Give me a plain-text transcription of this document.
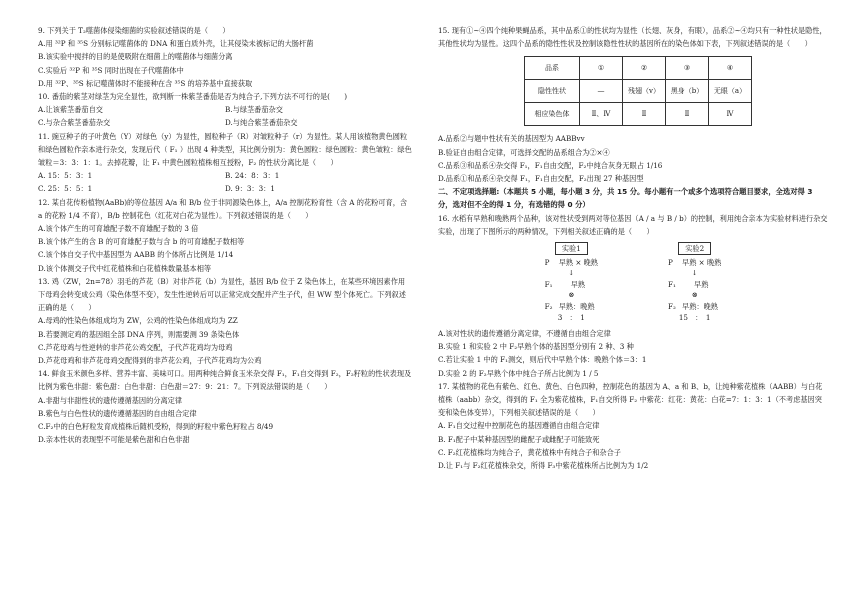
9. 下列关于 T₂噬菌体侵染细菌的实验叙述错误的是（　　）

A.用 ³²P 和 ³⁵S 分别标记噬菌体的 DNA 和蛋白质外壳，让其侵染未被标记的大肠杆菌

B.该实验中搅拌的目的是使吸附在细菌上的噬菌体与细菌分离

C.实验后 ³²P 和 ³⁵S 同时出现在子代噬菌体中

D.用 ³²P、³⁵S 标记噬菌体时不能接种在含 ³⁵S 的培养基中直接获取

10. 番茄的紫茎对绿茎为完全显性，欲判断一株紫茎番茄是否为纯合子,下列方法不可行的是(　　)

A.让该紫茎番茄自交	B.与绿茎番茄杂交
C.与杂合紫茎番茄杂交	D.与纯合紫茎番茄杂交

11. 豌豆种子的子叶黄色（Y）对绿色（y）为显性，圆粒种子（R）对皱粒种子（r）为显性。某人用该植物黄色圆粒和绿色圆粒作亲本进行杂交，发现后代（ F₁ ）出现 4 种类型，其比例分别为：黄色圆粒：绿色圆粒：黄色皱粒：绿色皱粒＝3：3：1：1。去掉花瓣，让 F₁ 中黄色圆粒植株相互授粉，F₂ 的性状分离比是（　　）

A. 15：5：3：1	B. 24：8：3：1
C. 25：5：5：1	D. 9：3：3：1

12. 某自花传粉植物(AaBb)的等位基因 A/a 和 B/b 位于非同源染色体上，A/a 控制花粉育性（含 A 的花粉可育，含 a 的花粉 1/4 不育），B/b 控制花色（红花对白花为显性）。下列叙述错误的是（　　）

A.该个体产生的可育雄配子数不育雄配子数的 3 倍

B.该个体产生的含 B 的可育雄配子数与含 b 的可育雄配子数相等

C.该个体自交子代中基因型为 AABB 的个体所占比例是 1/14

D.该个体测交子代中红花植株和白花植株数量基本相等

13. 鸡（ZW，2n=78）羽毛的芦花（B）对非芦花（b）为显性，基因 B/b 位于 Z 染色体上，在某些环境因素作用下母鸡会转变成公鸡（染色体型不变），发生性逆转后可以正常完成交配并产生子代，但 WW 型个体死亡。下列叙述正确的是（　　）

A.母鸡的性染色体组成均为 ZW，公鸡的性染色体组成均为 ZZ

B.若要测定鸡的基因组全部 DNA 序列，则需要测 39 条染色体

C.芦花母鸡与性逆转的非芦花公鸡交配，子代芦花鸡均为母鸡

D.芦花母鸡和非芦花母鸡交配得到的非芦花公鸡，子代芦花鸡均为公鸡

14. 鲜食玉米颜色多样、营养丰富、美味可口。用两种纯合鲜食玉米杂交得 F₁，F₁自交得到 F₂，F₂籽粒的性状表现及比例为紫色非甜：紫色甜：白色非甜：白色甜＝27：9：21：7。下列说法错误的是（　　）

A.非甜与非甜性状的遗传遵循基因的分离定律

B.紫色与白色性状的遗传遵循基因的自由组合定律

C.F₂中的白色籽粒发育成植株后随机受粉，得到的籽粒中紫色籽粒占 8/49

D.亲本性状的表现型不可能是紫色甜和白色非甜

15. 现有①~④四个纯种果蝇品系，其中品系①的性状均为显性（长翅、灰身，有眼），品系②~④均只有一种性状是隐性，其他性状均为显性。这四个品系的隐性性状及控制该隐性性状的基因所在的染色体如下表，下列叙述错误的是（　　）

品系	①	②	③	④
隐性性状	—	残翅（v）	黑身（b）	无眼（a）
相应染色体	Ⅱ、Ⅳ	Ⅱ	Ⅱ	Ⅳ

A.品系②与题中性状有关的基因型为 AABBvv

B.验证自由组合定律，可选择交配的品系组合为②×④

C.品系③和品系④杂交得 F₁，F₁自由交配，F₂中纯合灰身无眼占 1/16

D.品系①和品系④杂交得 F₁，F₁自由交配，F₂出现 27 种基因型

二、不定项选择题:（本题共 5 小题，每小题 3 分，共 15 分。每小题有一个或多个选项符合题目要求，全选对得 3 分，选对但不全的得 1 分，有选错的得 0 分）

16. 水稻有早熟和晚熟两个品种，该对性状受到两对等位基因（A / a 与 B / b）的控制，利用纯合亲本为实验材料进行杂交实验，出现了下图所示的两种情况，下列相关叙述正确的是（　　）

实验1
P	早熟 × 晚熟
↓
F₁	早熟
⊗
F₂ 早熟：晚熟
3　：　1
实验2
P	早熟 × 晚熟
↓
F₁	早熟
⊗
F₂ 早熟：晚熟
15　：　1

A.该对性状的遗传遵循分离定律，不遵循自由组合定律

B.实验 1 和实验 2 中 F₂早熟个体的基因型分别有 2 种、3 种

C.若让实验 1 中的 F₁测交，则后代中早熟个体：晚熟个体＝3：1

D.实验 2 的 F₂早熟个体中纯合子所占比例为 1 / 5

17. 某植物的花色有紫色、红色、黄色、白色四种，控制花色的基因为 A、a 和 B、b，让纯种紫花植株（AABB）与白花植株（aabb）杂交，得到的 F₁ 全为紫花植株，F₁自交所得 F₂ 中紫花：红花：黄花：白花=7：1：3：1（不考虑基因突变和染色体变异），下列相关叙述错误的是（　　）

A. F₁自交过程中控制花色的基因遵循自由组合定律

B. F₁配子中某种基因型的雌配子或雌配子可能致死

C. F₂红花植株均为纯合子，黄花植株中有纯合子和杂合子

D.让 F₁与 F₂红花植株杂交，所得 F₃中紫花植株所占比例为为 1/2
